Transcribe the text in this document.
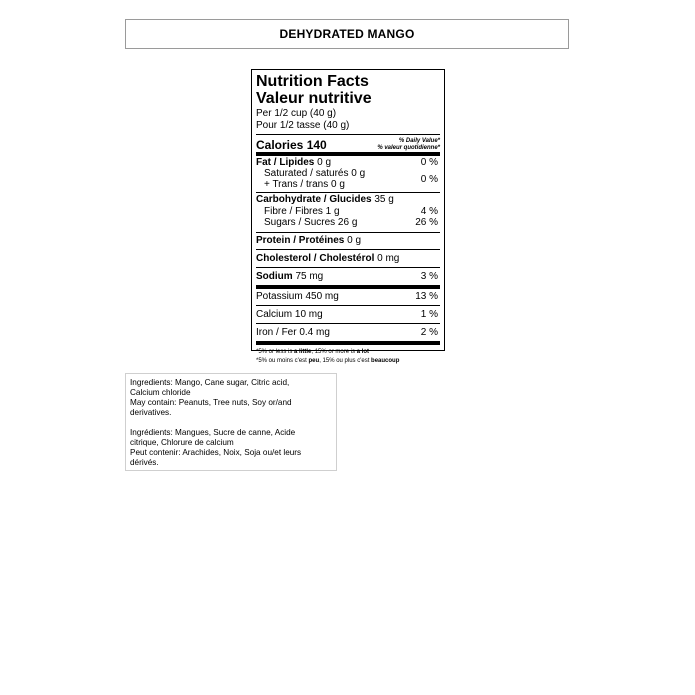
DEHYDRATED MANGO
Nutrition Facts
Valeur nutritive
Per 1/2 cup (40 g)
Pour 1/2 tasse (40 g)
Calories 140	% Daily Value*
% valeur quotidienne*
Fat / Lipides 0 g	0 %
Saturated / saturés 0 g
+ Trans / trans 0 g	0 %
Carbohydrate / Glucides 35 g
Fibre / Fibres 1 g	4 %
Sugars / Sucres 26 g	26 %
Protein / Protéines 0 g
Cholesterol / Cholestérol 0 mg
Sodium 75 mg	3 %
Potassium 450 mg	13 %
Calcium 10 mg	1 %
Iron / Fer 0.4 mg	2 %
*5% or less is a little, 15% or more is a lot
*5% ou moins c'est peu, 15% ou plus c'est beaucoup

Ingredients: Mango, Cane sugar, Citric acid,
Calcium chloride

May contain: Peanuts, Tree nuts, Soy or/and
derivatives.

Ingrédients: Mangues, Sucre de canne, Acide
citrique, Chlorure de calcium

Peut contenir: Arachides, Noix, Soja ou/et leurs
dérivés.
